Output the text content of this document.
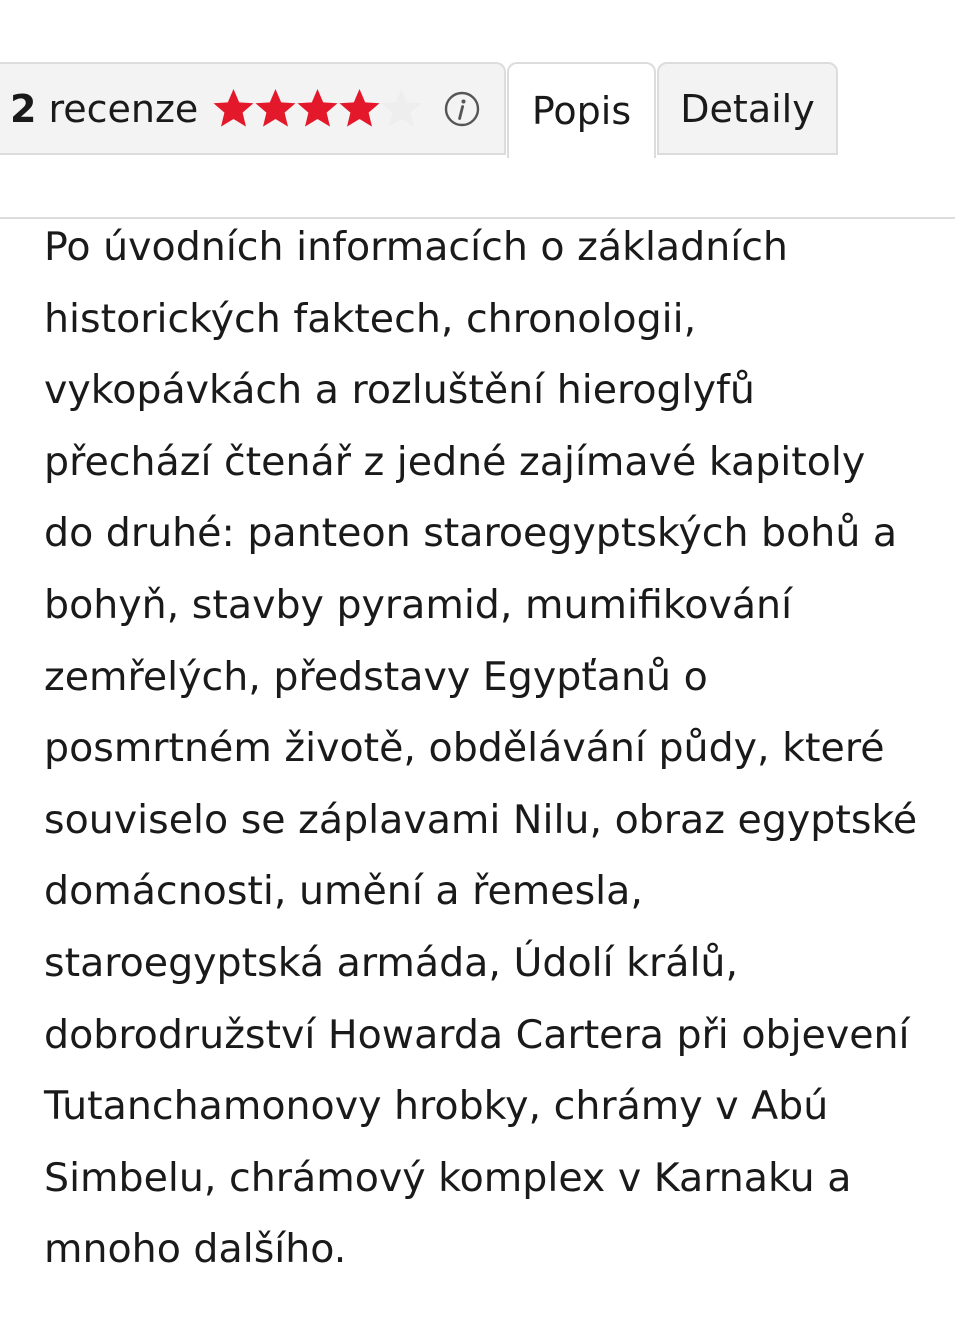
2 recenze	Popis Detaily

Po úvodních informacích o základních historických faktech, chronologii, vykopávkách a rozluštění hieroglyfů přechází čtenář z jedné zajímavé kapitoly do druhé: panteon staroegyptských bohů a bohyň, stavby pyramid, mumifikování zemřelých, představy Egypťanů o posmrtném životě, obdělávání půdy, které souviselo se záplavami Nilu, obraz egyptské domácnosti, umění a řemesla, staroegyptská armáda, Údolí králů, dobrodružství Howarda Cartera při objevení Tutanchamonovy hrobky, chrámy v Abú Simbelu, chrámový komplex v Karnaku a mnoho dalšího.
